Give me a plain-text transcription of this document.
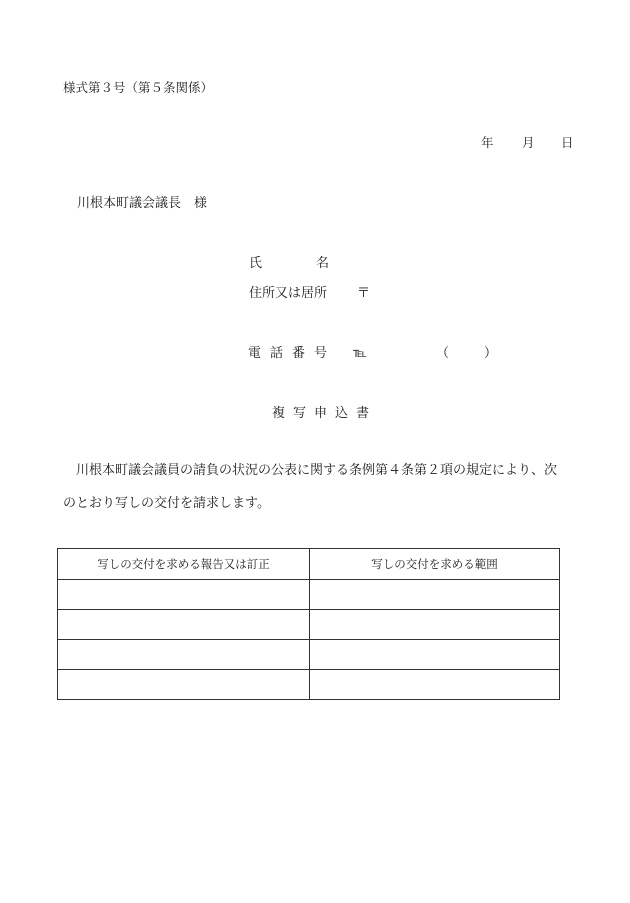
様式第３号（第５条関係）
年 月 日
川根本町議会議長　様
氏	名
住所又は居所 〒
電 話 番 号 ℡	（	）
複 写 申 込 書
川根本町議会議員の請負の状況の公表に関する条例第４条第２項の規定により、次
のとおり写しの交付を請求します。
写しの交付を求める報告又は訂正	写しの交付を求める範囲
